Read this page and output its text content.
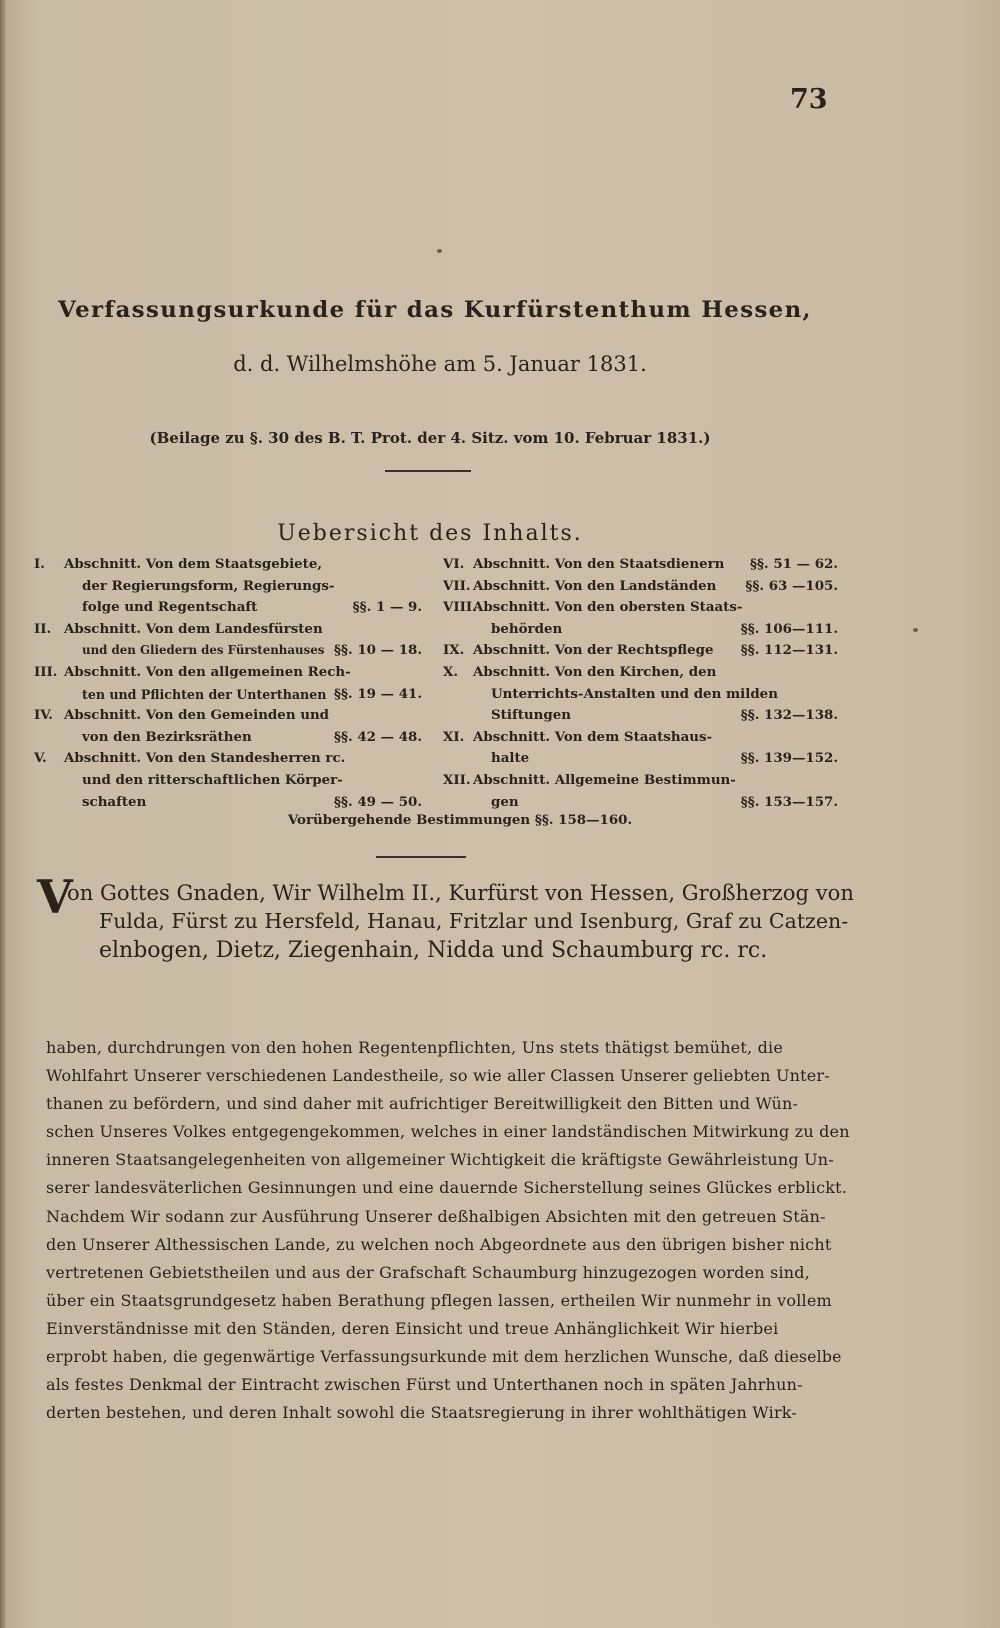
73
Verfassungsurkunde für das Kurfürstenthum Hessen,
d. d. Wilhelmshöhe am 5. Januar 1831.
(Beilage zu §. 30 des B. T. Prot. der 4. Sitz. vom 10. Februar 1831.)
Uebersicht des Inhalts.
I. Abschnitt. Von dem Staatsgebiete,
der Regierungsform, Regierungs-
folge und Regentschaft	§§. 1 — 9.
II. Abschnitt. Von dem Landesfürsten
und den Gliedern des Fürstenhauses §§. 10 — 18.
III. Abschnitt. Von den allgemeinen Rech-
ten und Pflichten der Unterthanen §§. 19 — 41.
IV. Abschnitt. Von den Gemeinden und
von den Bezirksräthen	§§. 42 — 48.
V. Abschnitt. Von den Standesherren rc.
und den ritterschaftlichen Körper-
schaften	§§. 49 — 50.
VI. Abschnitt. Von den Staatsdienern §§. 51 — 62.
VII. Abschnitt. Von den Landständen §§. 63 —105.
VIII.
Abschnitt. Von den obersten Staats-
behörden	§§. 106—111.
IX. Abschnitt. Von der Rechtspflege §§. 112—131.
X. Abschnitt. Von den Kirchen, den
Unterrichts-Anstalten und den milden
Stiftungen	§§. 132—138.
XI. Abschnitt. Von dem Staatshaus-
halte	§§. 139—152.
XII. Abschnitt. Allgemeine Bestimmun-
gen	§§. 153—157.
Vorübergehende Bestimmungen §§. 158—160.
V
on Gottes Gnaden, Wir Wilhelm II., Kurfürst von Hessen, Großherzog von
Fulda, Fürst zu Hersfeld, Hanau, Fritzlar und Isenburg, Graf zu Catzen-
elnbogen, Dietz, Ziegenhain, Nidda und Schaumburg rc. rc.
haben, durchdrungen von den hohen Regentenpflichten, Uns stets thätigst bemühet, die
Wohlfahrt Unserer verschiedenen Landestheile, so wie aller Classen Unserer geliebten Unter-
thanen zu befördern, und sind daher mit aufrichtiger Bereitwilligkeit den Bitten und Wün-
schen Unseres Volkes entgegengekommen, welches in einer landständischen Mitwirkung zu den
inneren Staatsangelegenheiten von allgemeiner Wichtigkeit die kräftigste Gewährleistung Un-
serer landesväterlichen Gesinnungen und eine dauernde Sicherstellung seines Glückes erblickt.
Nachdem Wir sodann zur Ausführung Unserer deßhalbigen Absichten mit den getreuen Stän-
den Unserer Althessischen Lande, zu welchen noch Abgeordnete aus den übrigen bisher nicht
vertretenen Gebietstheilen und aus der Grafschaft Schaumburg hinzugezogen worden sind,
über ein Staatsgrundgesetz haben Berathung pflegen lassen, ertheilen Wir nunmehr in vollem
Einverständnisse mit den Ständen, deren Einsicht und treue Anhänglichkeit Wir hierbei
erprobt haben, die gegenwärtige Verfassungsurkunde mit dem herzlichen Wunsche, daß dieselbe
als festes Denkmal der Eintracht zwischen Fürst und Unterthanen noch in späten Jahrhun-
derten bestehen, und deren Inhalt sowohl die Staatsregierung in ihrer wohlthätigen Wirk-
